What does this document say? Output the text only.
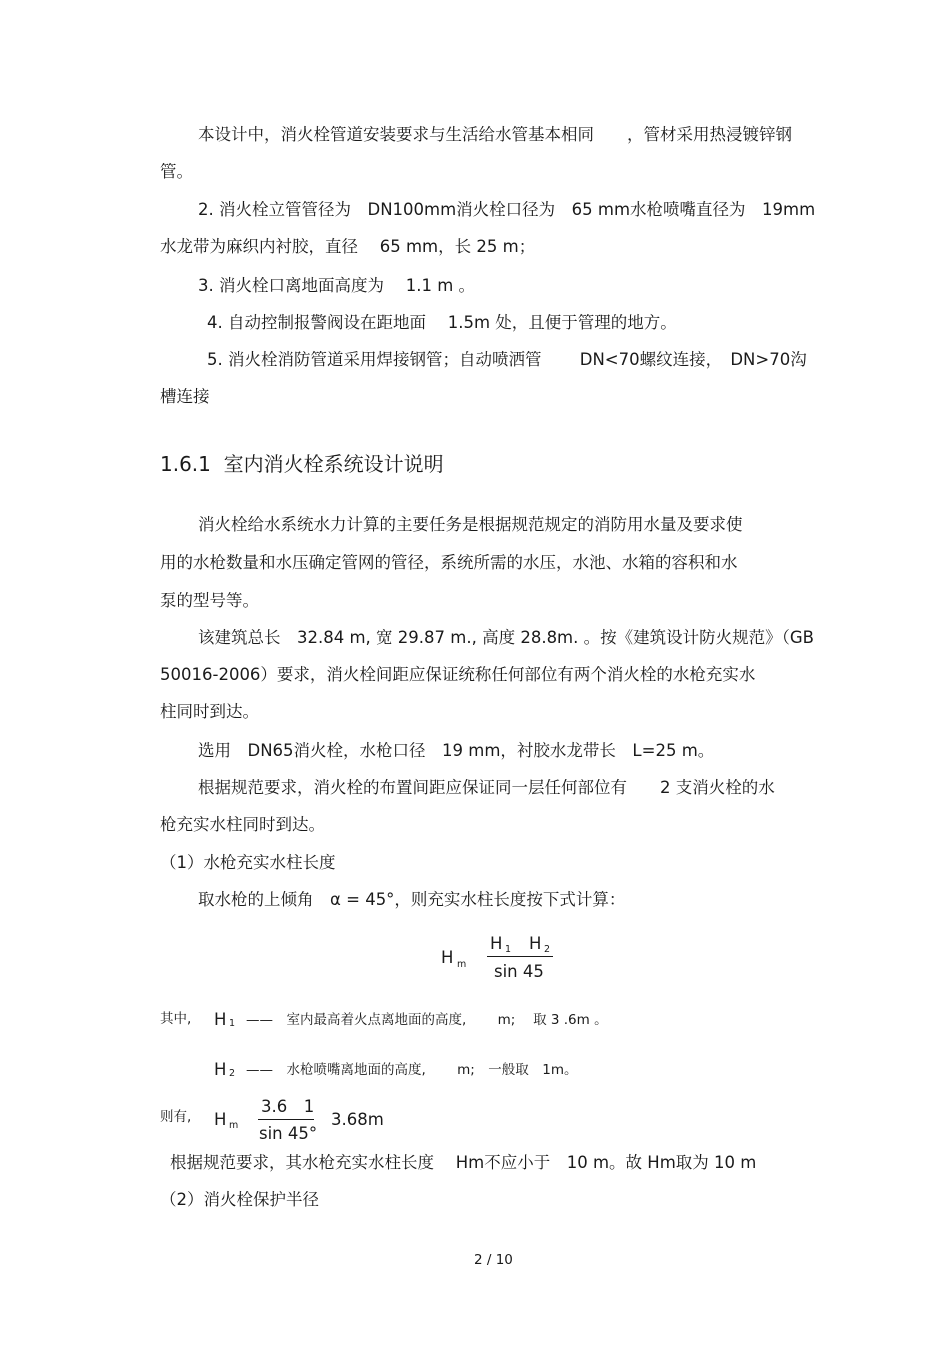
本设计中，消火栓管道安装要求与生活给水管基本相同　　，管材采用热浸镀锌钢
管。
2. 消火栓立管管径为　DN100mm消火栓口径为　65 mm水枪喷嘴直径为　19mm
水龙带为麻织内衬胶，直径　 65 mm，长 25 m；
3. 消火栓口离地面高度为　 1.1 m 。
4. 自动控制报警阀设在距地面　 1.5m 处，且便于管理的地方。
5. 消火栓消防管道采用焊接钢管；自动喷洒管　　 DN<70螺纹连接，　DN>70沟
槽连接
1.6.1 室内消火栓系统设计说明
消火栓给水系统水力计算的主要任务是根据规范规定的消防用水量及要求使
用的水枪数量和水压确定管网的管径，系统所需的水压，水池、水箱的容积和水
泵的型号等。
该建筑总长　32.84 m, 宽 29.87 m., 高度 28.8m. 。按《建筑设计防火规范》（GB
50016-2006）要求，消火栓间距应保证统称任何部位有两个消火栓的水枪充实水
柱同时到达。
选用　DN65消火栓，水枪口径　19 mm，衬胶水龙带长　L=25 m。
根据规范要求，消火栓的布置间距应保证同一层任何部位有　　2 支消火栓的水
枪充实水柱同时到达。
（1）水枪充实水柱长度
取水枪的上倾角　α = 45°，则充实水柱长度按下式计算：
H m
H 1 H 2
sin 45
其中, H 1 ——　室内最高着火点离地面的高度,　　 m;　 取 3 .6m 。
H 2 ——　水枪喷嘴离地面的高度,　　 m;　一般取　1m。
则有, H m
3.6　1
sin 45°
3.68m
根据规范要求，其水枪充实水柱长度　 Hm不应小于　10 m。故 Hm取为 10 m
（2）消火栓保护半径
2 / 10
